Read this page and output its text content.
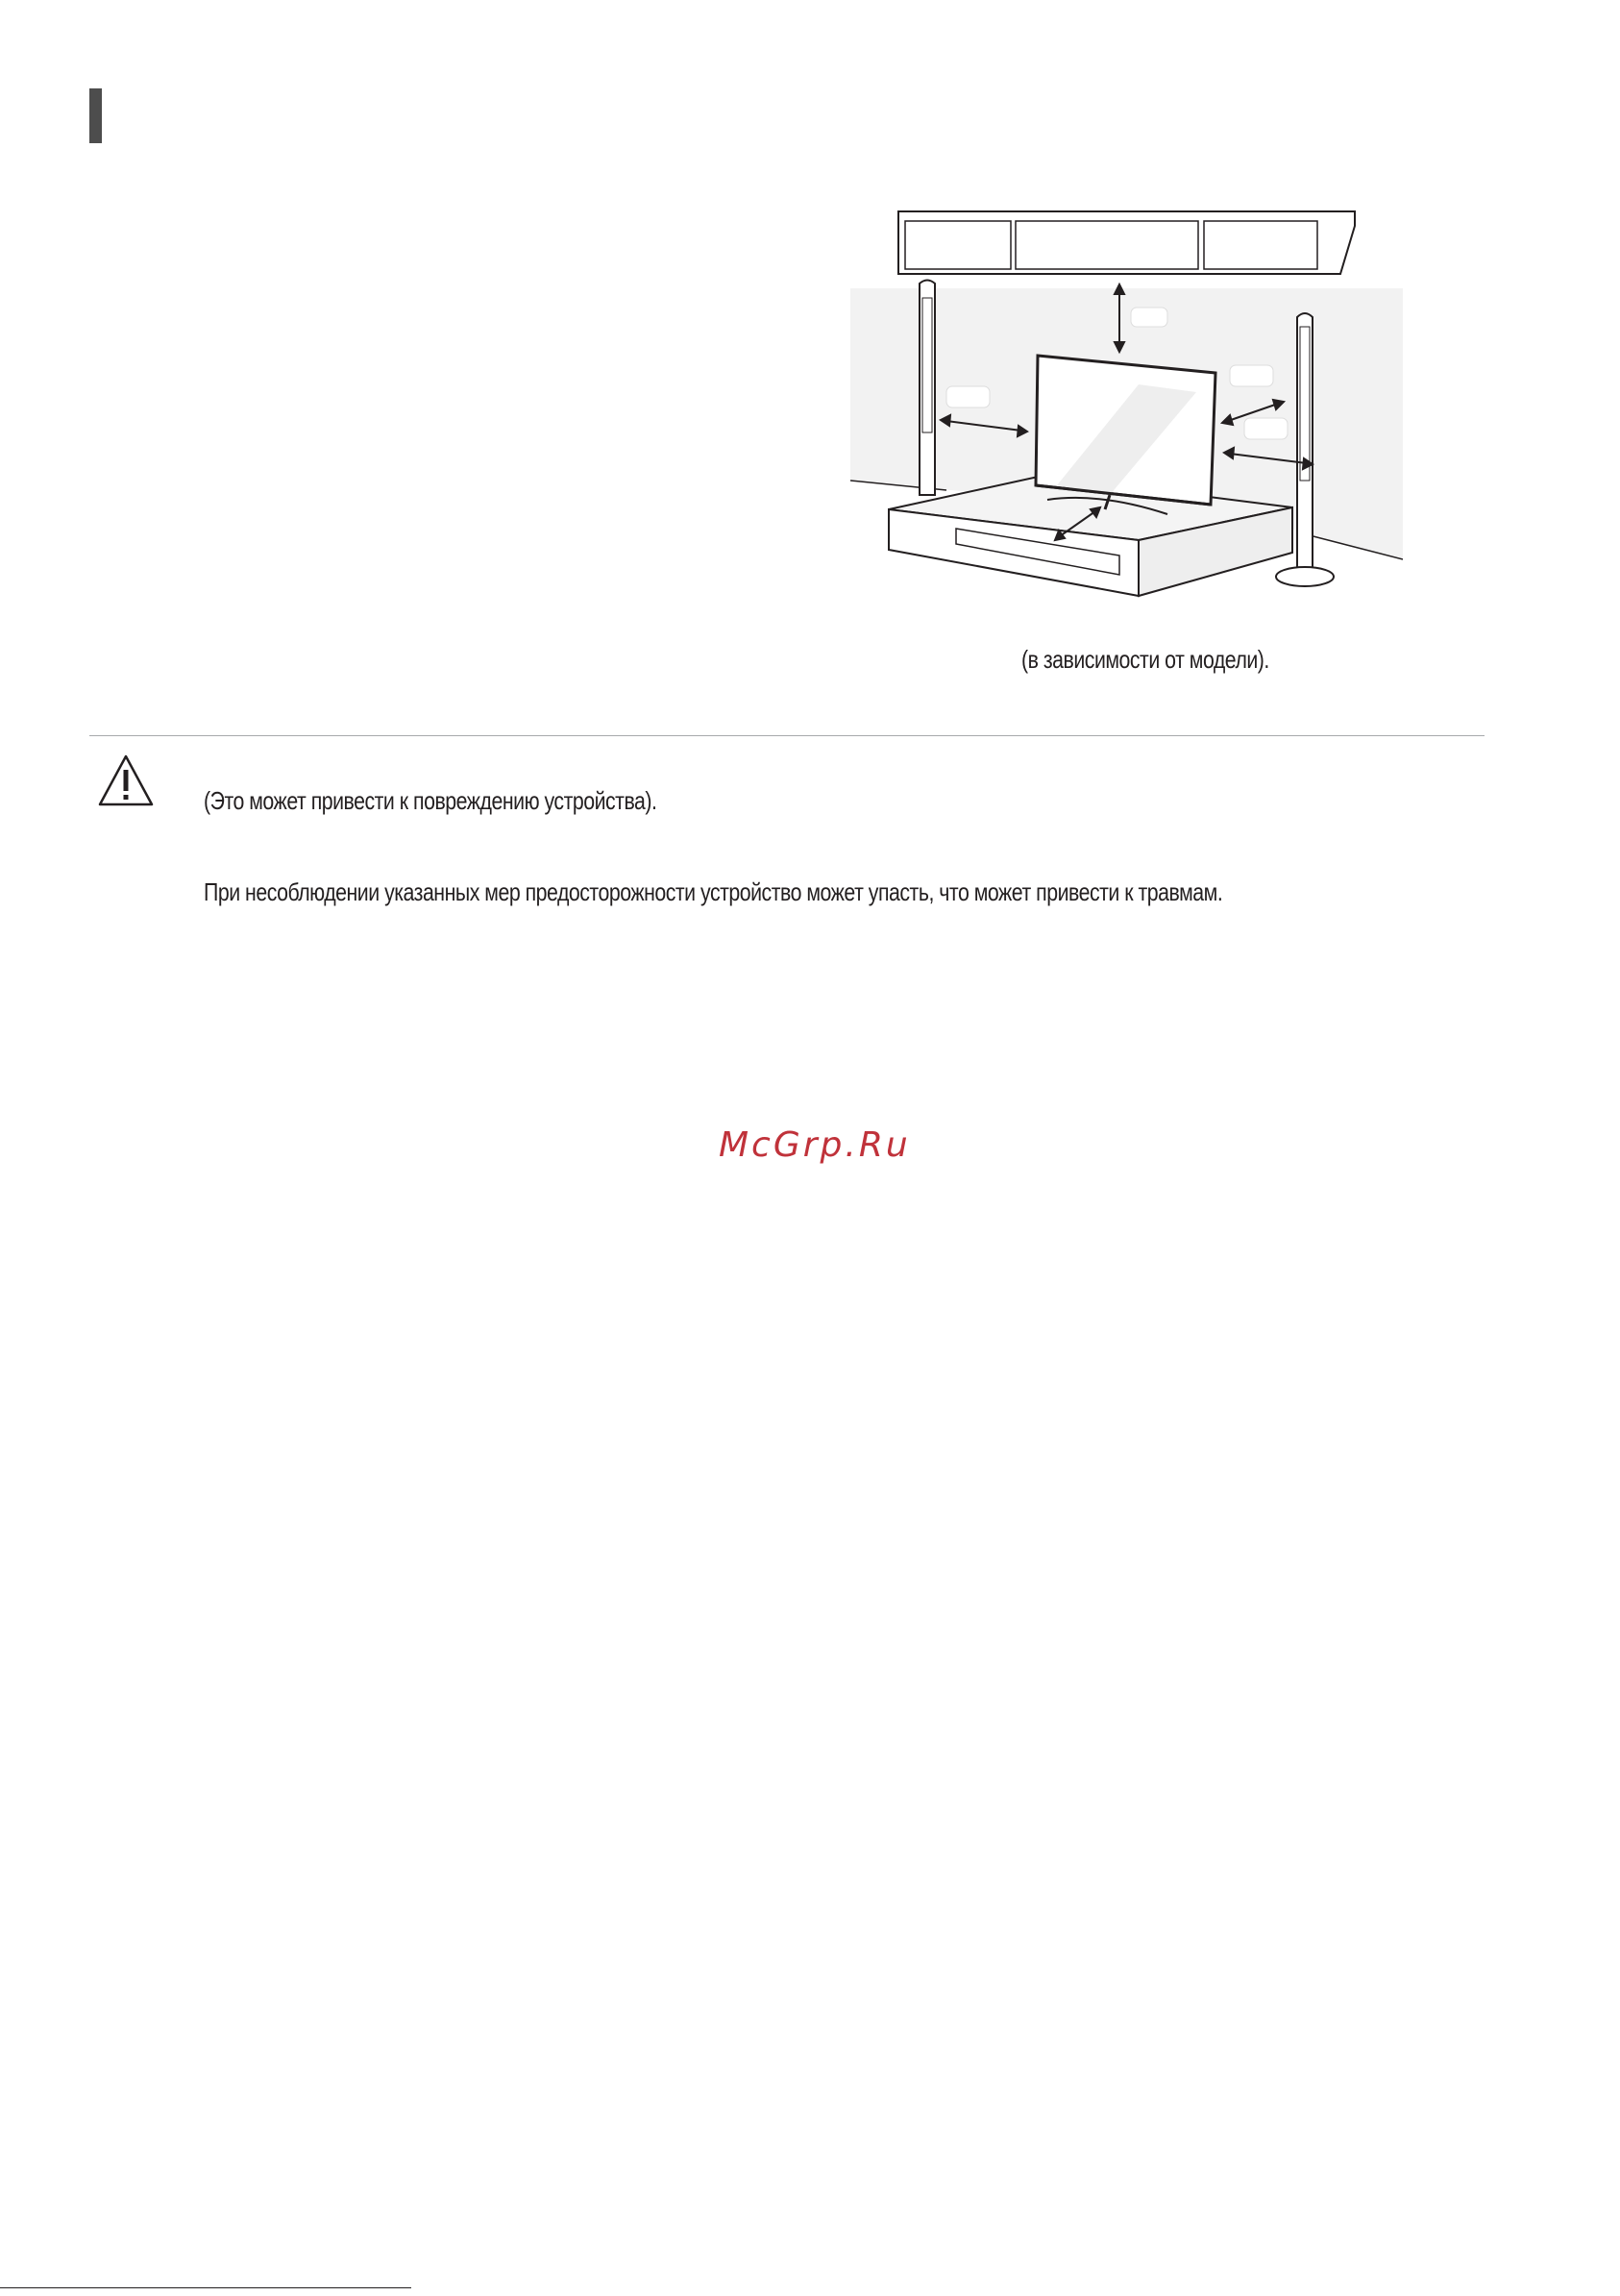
(в зависимости от модели).
(Это может привести к повреждению устройства).
При несоблюдении указанных мер предосторожности устройство может упасть, что может привести к травмам.
McGrp.Ru
